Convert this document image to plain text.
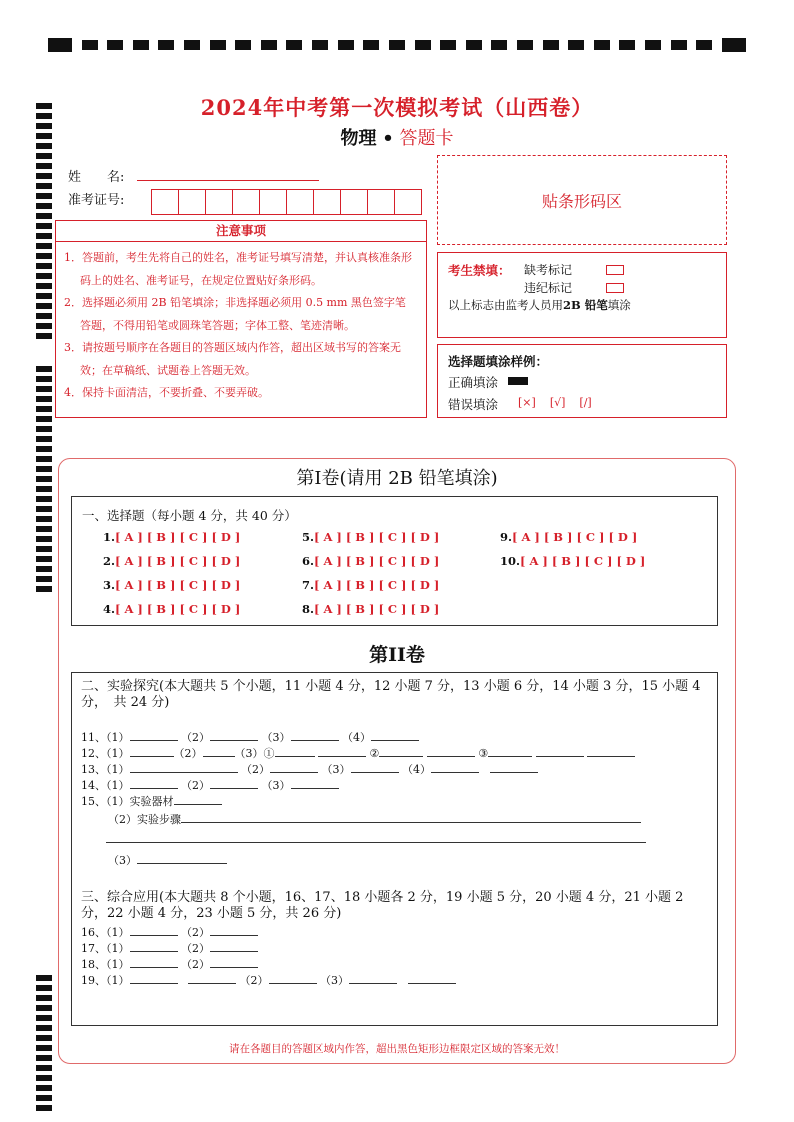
2024年中考第一次模拟考试（山西卷）
物理 • 答题卡
姓　　名:
准考证号:	贴条形码区
注意事项
1．答题前，考生先将自己的姓名，准考证号填写清楚，并认真核准条形码上的姓名、准考证号，在规定位置贴好条形码。
2．选择题必须用 2B 铅笔填涂；非选择题必须用 0.5 mm 黑色签字笔答题，不得用铅笔或圆珠笔答题；字体工整、笔迹清晰。
3．请按题号顺序在各题目的答题区域内作答，超出区域书写的答案无效；在草稿纸、试题卷上答题无效。
4．保持卡面清洁，不要折叠、不要弄破。
考生禁填： 缺考标记
违纪标记
以上标志由监考人员用2B 铅笔填涂
选择题填涂样例：
正确填涂
错误填涂 [×] [√] [/]
第Ⅰ卷(请用 2B 铅笔填涂)
一、选择题（每小题 4 分，共 40 分）
1.[ A ] [ B ] [ C ] [ D ]
2.[ A ] [ B ] [ C ] [ D ]
3.[ A ] [ B ] [ C ] [ D ]
4.[ A ] [ B ] [ C ] [ D ]
5.[ A ] [ B ] [ C ] [ D ]
6.[ A ] [ B ] [ C ] [ D ]
7.[ A ] [ B ] [ C ] [ D ]
8.[ A ] [ B ] [ C ] [ D ]
9.[ A ] [ B ] [ C ] [ D ]
10.[ A ] [ B ] [ C ] [ D ]
第II卷
二、实验探究(本大题共 5 个小题，11 小题 4 分，12 小题 7 分，13 小题 6 分，14 小题 3 分，15 小题 4 分，　共 24 分)
11、（1）	（2）	（3）	（4）
12、（1）	（2）	（3）①	②	③
13、（1）	（2）	（3）	（4）
14、（1）	（2）	（3）
15、（1）实验器材
（2）实验步骤
（3）
三、综合应用(本大题共 8 个小题，16、17、18 小题各 2 分，19 小题 5 分，20 小题 4 分，21 小题 2 分，22 小题 4 分，23 小题 5 分，共 26 分)
16、（1）	（2）
17、（1）	（2）
18、（1）	（2）
19、（1）	（2）	（3）
请在各题目的答题区域内作答，超出黑色矩形边框限定区域的答案无效！
